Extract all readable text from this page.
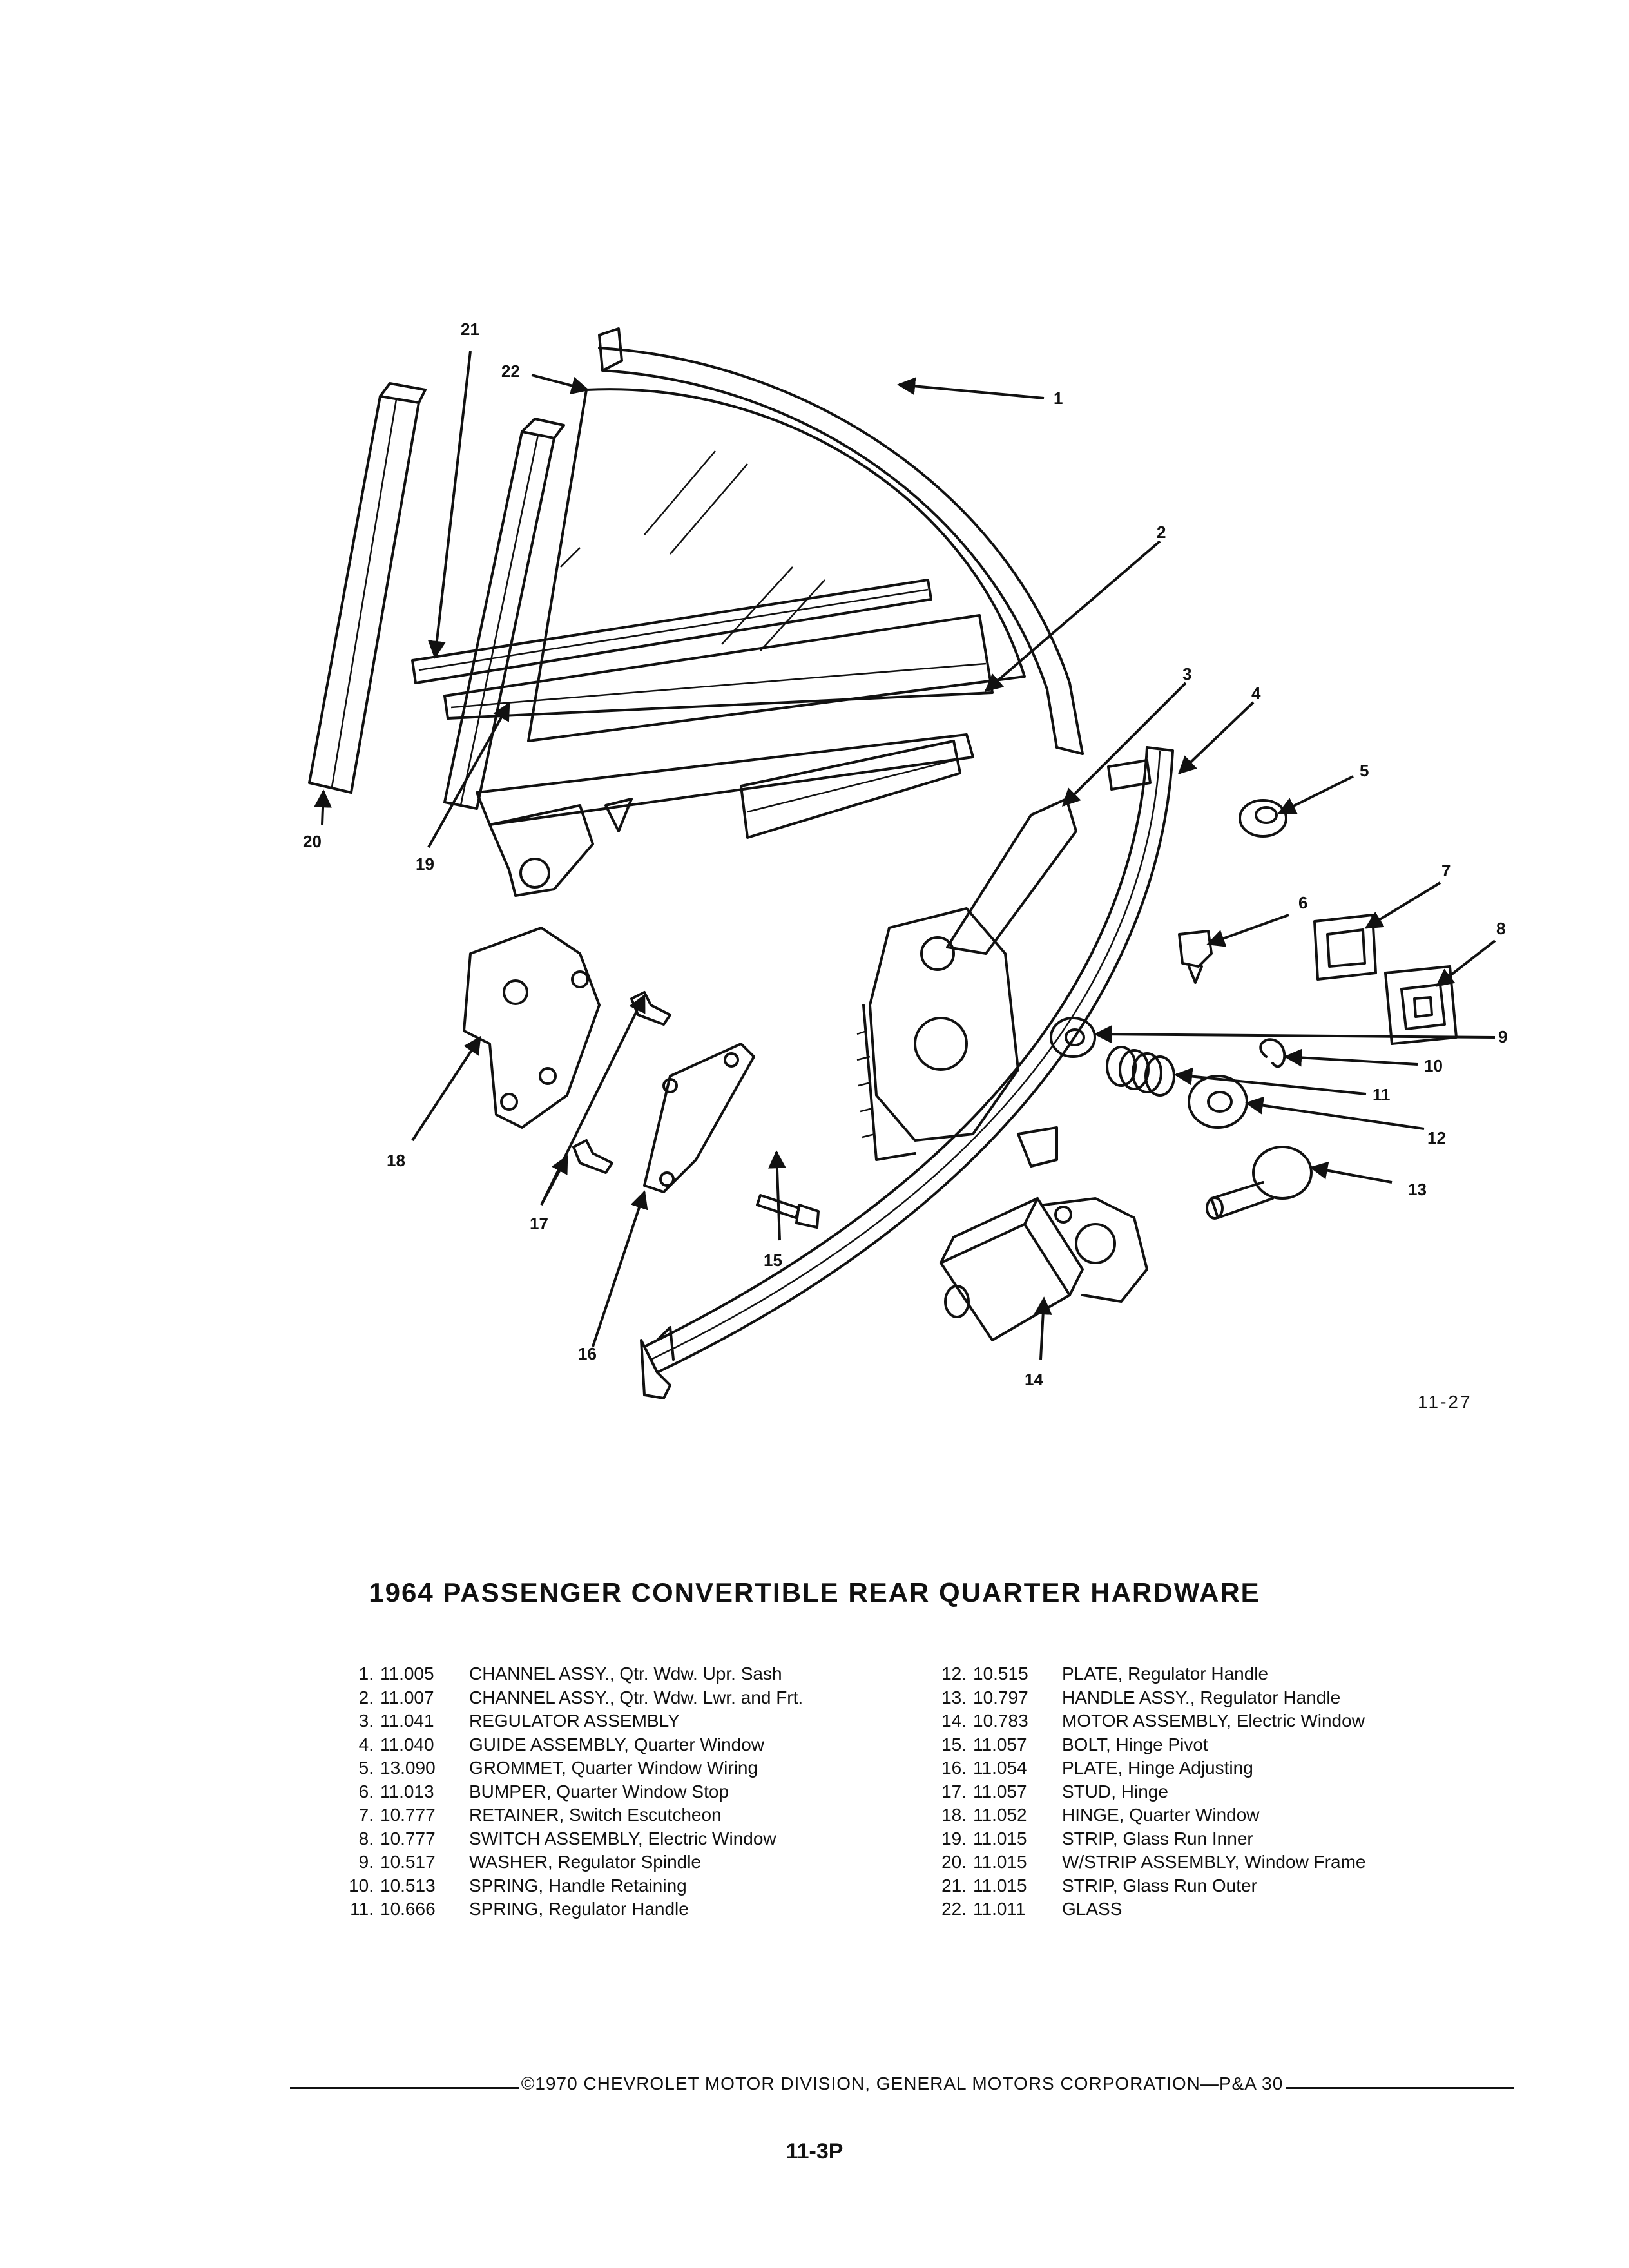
1
2
3
4
5
6
7
8
9
10
11
12
13
14
15
16
17
18
19
20
21
22
11-27
1964 PASSENGER CONVERTIBLE REAR QUARTER HARDWARE
1. 11.005	CHANNEL ASSY., Qtr. Wdw. Upr. Sash
2. 11.007	CHANNEL ASSY., Qtr. Wdw. Lwr. and Frt.
3. 11.041	REGULATOR ASSEMBLY
4. 11.040	GUIDE ASSEMBLY, Quarter Window
5. 13.090	GROMMET, Quarter Window Wiring
6. 11.013	BUMPER, Quarter Window Stop
7. 10.777	RETAINER, Switch Escutcheon
8. 10.777	SWITCH ASSEMBLY, Electric Window
9. 10.517	WASHER, Regulator Spindle
10. 10.513	SPRING, Handle Retaining
11. 10.666	SPRING, Regulator Handle
12. 10.515	PLATE, Regulator Handle
13. 10.797	HANDLE ASSY., Regulator Handle
14. 10.783	MOTOR ASSEMBLY, Electric Window
15. 11.057	BOLT, Hinge Pivot
16. 11.054	PLATE, Hinge Adjusting
17. 11.057	STUD, Hinge
18. 11.052	HINGE, Quarter Window
19. 11.015	STRIP, Glass Run Inner
20. 11.015	W/STRIP ASSEMBLY, Window Frame
21. 11.015	STRIP, Glass Run Outer
22. 11.011	GLASS
©1970 CHEVROLET MOTOR DIVISION, GENERAL MOTORS CORPORATION—P&A 30
11-3P
